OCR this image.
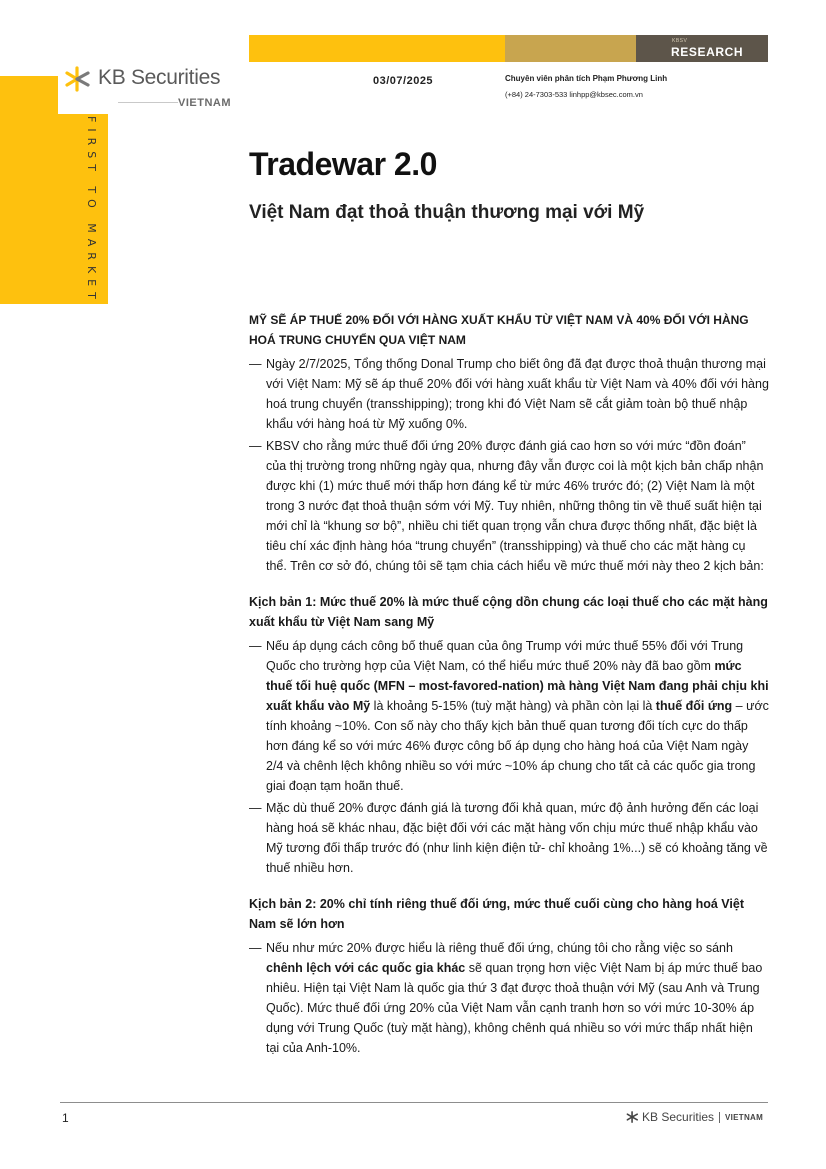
FIRST TO MARKET
KB Securities
VIETNAM
KBSV
RESEARCH
03/07/2025	Chuyên viên phân tích Phạm Phương Linh
(+84) 24-7303-533 linhpp@kbsec.com.vn
Tradewar 2.0
Việt Nam đạt thoả thuận thương mại với Mỹ

MỸ SẼ ÁP THUẾ 20% ĐỐI VỚI HÀNG XUẤT KHẨU TỪ VIỆT NAM VÀ 40% ĐỐI VỚI HÀNG HOÁ TRUNG CHUYỂN QUA VIỆT NAM

— Ngày 2/7/2025, Tổng thống Donal Trump cho biết ông đã đạt được thoả thuận thương mại với Việt Nam: Mỹ sẽ áp thuế 20% đối với hàng xuất khẩu từ Việt Nam và 40% đối với hàng hoá trung chuyển (transshipping); trong khi đó Việt Nam sẽ cắt giảm toàn bộ thuế nhập khẩu với hàng hoá từ Mỹ xuống 0%.

— KBSV cho rằng mức thuế đối ứng 20% được đánh giá cao hơn so với mức “đồn đoán” của thị trường trong những ngày qua, nhưng đây vẫn được coi là một kịch bản chấp nhận được khi (1) mức thuế mới thấp hơn đáng kể từ mức 46% trước đó; (2) Việt Nam là một trong 3 nước đạt thoả thuận sớm với Mỹ. Tuy nhiên, những thông tin về thuế suất hiện tại mới chỉ là “khung sơ bộ”, nhiều chi tiết quan trọng vẫn chưa được thống nhất, đặc biệt là tiêu chí xác định hàng hóa “trung chuyển” (transshipping) và thuế cho các mặt hàng cụ thể. Trên cơ sở đó, chúng tôi sẽ tạm chia cách hiểu về mức thuế mới này theo 2 kịch bản:

Kịch bản 1: Mức thuế 20% là mức thuế cộng dồn chung các loại thuế cho các mặt hàng xuất khẩu từ Việt Nam sang Mỹ

— Nếu áp dụng cách công bố thuế quan của ông Trump với mức thuế 55% đối với Trung Quốc cho trường hợp của Việt Nam, có thể hiểu mức thuế 20% này đã bao gồm mức thuế tối huệ quốc (MFN – most-favored-nation) mà hàng Việt Nam đang phải chịu khi xuất khẩu vào Mỹ là khoảng 5-15% (tuỳ mặt hàng) và phần còn lại là thuế đối ứng – ước tính khoảng ~10%. Con số này cho thấy kịch bản thuế quan tương đối tích cực do thấp hơn đáng kể so với mức 46% được công bố áp dụng cho hàng hoá của Việt Nam ngày 2/4 và chênh lệch không nhiều so với mức ~10% áp chung cho tất cả các quốc gia trong giai đoạn tạm hoãn thuế.

— Mặc dù thuế 20% được đánh giá là tương đối khả quan, mức độ ảnh hưởng đến các loại hàng hoá sẽ khác nhau, đặc biệt đối với các mặt hàng vốn chịu mức thuế nhập khẩu vào Mỹ tương đối thấp trước đó (như linh kiện điện tử- chỉ khoảng 1%...) sẽ có khoảng tăng về thuế nhiều hơn.

Kịch bản 2: 20% chỉ tính riêng thuế đối ứng, mức thuế cuối cùng cho hàng hoá Việt Nam sẽ lớn hơn

— Nếu như mức 20% được hiểu là riêng thuế đối ứng, chúng tôi cho rằng việc so sánh chênh lệch với các quốc gia khác sẽ quan trọng hơn việc Việt Nam bị áp mức thuế bao nhiêu. Hiện tại Việt Nam là quốc gia thứ 3 đạt được thoả thuận với Mỹ (sau Anh và Trung Quốc). Mức thuế đối ứng 20% của Việt Nam vẫn cạnh tranh hơn so với mức 10-30% áp dụng với Trung Quốc (tuỳ mặt hàng), không chênh quá nhiều so với mức thấp nhất hiện tại của Anh-10%.

1	KB Securities VIETNAM
